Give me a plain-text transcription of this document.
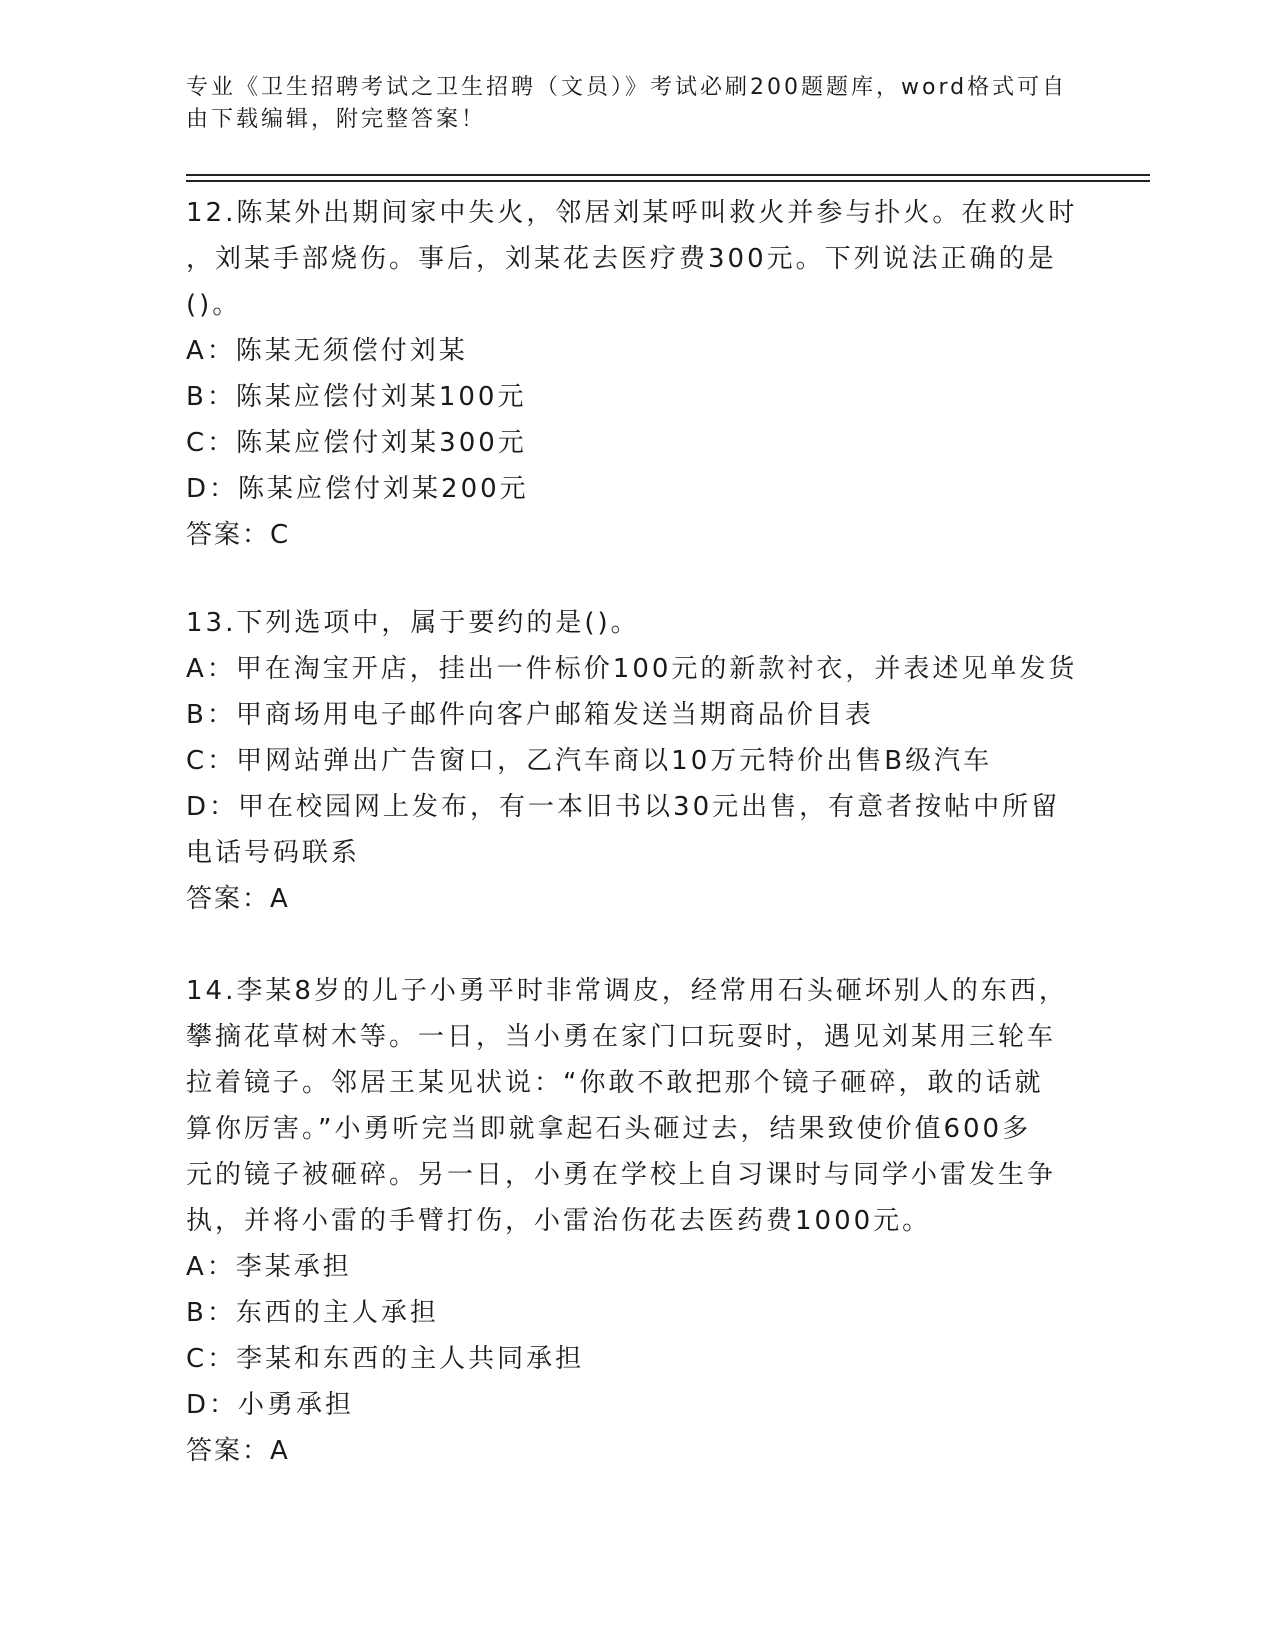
专业《卫生招聘考试之卫生招聘（文员）》考试必刷200题题库，word格式可自
由下载编辑，附完整答案！
12.陈某外出期间家中失火，邻居刘某呼叫救火并参与扑火。在救火时
，刘某手部烧伤。事后，刘某花去医疗费300元。下列说法正确的是
()。
A：陈某无须偿付刘某
B：陈某应偿付刘某100元
C：陈某应偿付刘某300元
D：陈某应偿付刘某200元
答案：C
13.下列选项中，属于要约的是()。
A：甲在淘宝开店，挂出一件标价100元的新款衬衣，并表述见单发货
B：甲商场用电子邮件向客户邮箱发送当期商品价目表
C：甲网站弹出广告窗口，乙汽车商以10万元特价出售B级汽车
D：甲在校园网上发布，有一本旧书以30元出售，有意者按帖中所留
电话号码联系
答案：A
14.李某8岁的儿子小勇平时非常调皮，经常用石头砸坏别人的东西，
攀摘花草树木等。一日，当小勇在家门口玩耍时，遇见刘某用三轮车
拉着镜子。邻居王某见状说：“你敢不敢把那个镜子砸碎，敢的话就
算你厉害。”小勇听完当即就拿起石头砸过去，结果致使价值600多
元的镜子被砸碎。另一日，小勇在学校上自习课时与同学小雷发生争
执，并将小雷的手臂打伤，小雷治伤花去医药费1000元。
A：李某承担
B：东西的主人承担
C：李某和东西的主人共同承担
D：小勇承担
答案：A
